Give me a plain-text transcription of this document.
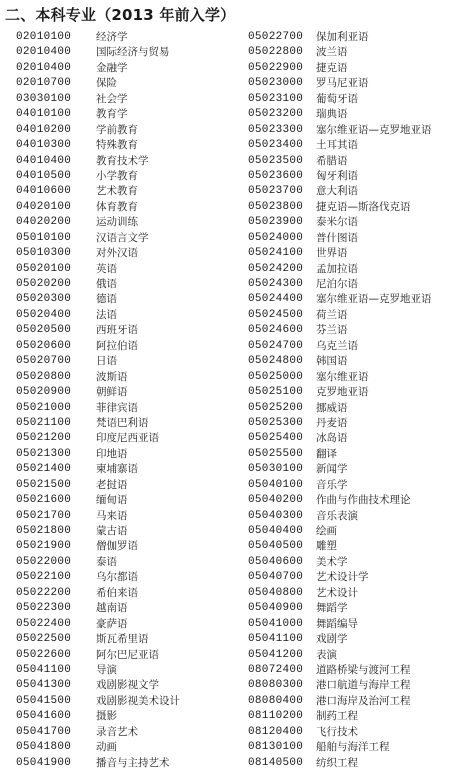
二、本科专业（2013 年前入学）
02010100	经济学
02010400	国际经济与贸易
02010400	金融学
02010700	保险
03030100	社会学
04010100	教育学
04010200	学前教育
04010300	特殊教育
04010400	教育技术学
04010500	小学教育
04010600	艺术教育
04020100	体育教育
04020200	运动训练
05010100	汉语言文学
05010300	对外汉语
05020100	英语
05020200	俄语
05020300	德语
05020400	法语
05020500	西班牙语
05020600	阿拉伯语
05020700	日语
05020800	波斯语
05020900	朝鲜语
05021000	菲律宾语
05021100	梵语巴利语
05021200	印度尼西亚语
05021300	印地语
05021400	柬埔寨语
05021500	老挝语
05021600	缅甸语
05021700	马来语
05021800	蒙古语
05021900	僧伽罗语
05022000	泰语
05022100	乌尔都语
05022200	希伯来语
05022300	越南语
05022400	豪萨语
05022500	斯瓦希里语
05022600	阿尔巴尼亚语
05041100	导演
05041300	戏剧影视文学
05041500	戏剧影视美术设计
05041600	摄影
05041700	录音艺术
05041800	动画
05041900	播音与主持艺术
05022700	保加利亚语
05022800	波兰语
05022900	捷克语
05023000	罗马尼亚语
05023100	葡萄牙语
05023200	瑞典语
05023300	塞尔维亚语—克罗地亚语
05023400	土耳其语
05023500	希腊语
05023600	匈牙利语
05023700	意大利语
05023800	捷克语—斯洛伐克语
05023900	泰米尔语
05024000	普什图语
05024100	世界语
05024200	孟加拉语
05024300	尼泊尔语
05024400	塞尔维亚语—克罗地亚语
05024500	荷兰语
05024600	芬兰语
05024700	乌克兰语
05024800	韩国语
05025000	塞尔维亚语
05025100	克罗地亚语
05025200	挪威语
05025300	丹麦语
05025400	冰岛语
05025500	翻译
05030100	新闻学
05040100	音乐学
05040200	作曲与作曲技术理论
05040300	音乐表演
05040400	绘画
05040500	雕塑
05040600	美术学
05040700	艺术设计学
05040800	艺术设计
05040900	舞蹈学
05041000	舞蹈编导
05041100	戏剧学
05041200	表演
08072400	道路桥梁与渡河工程
08080300	港口航道与海岸工程
08080400	港口海岸及治河工程
08110200	制药工程
08120400	飞行技术
08130100	船舶与海洋工程
08140500	纺织工程
